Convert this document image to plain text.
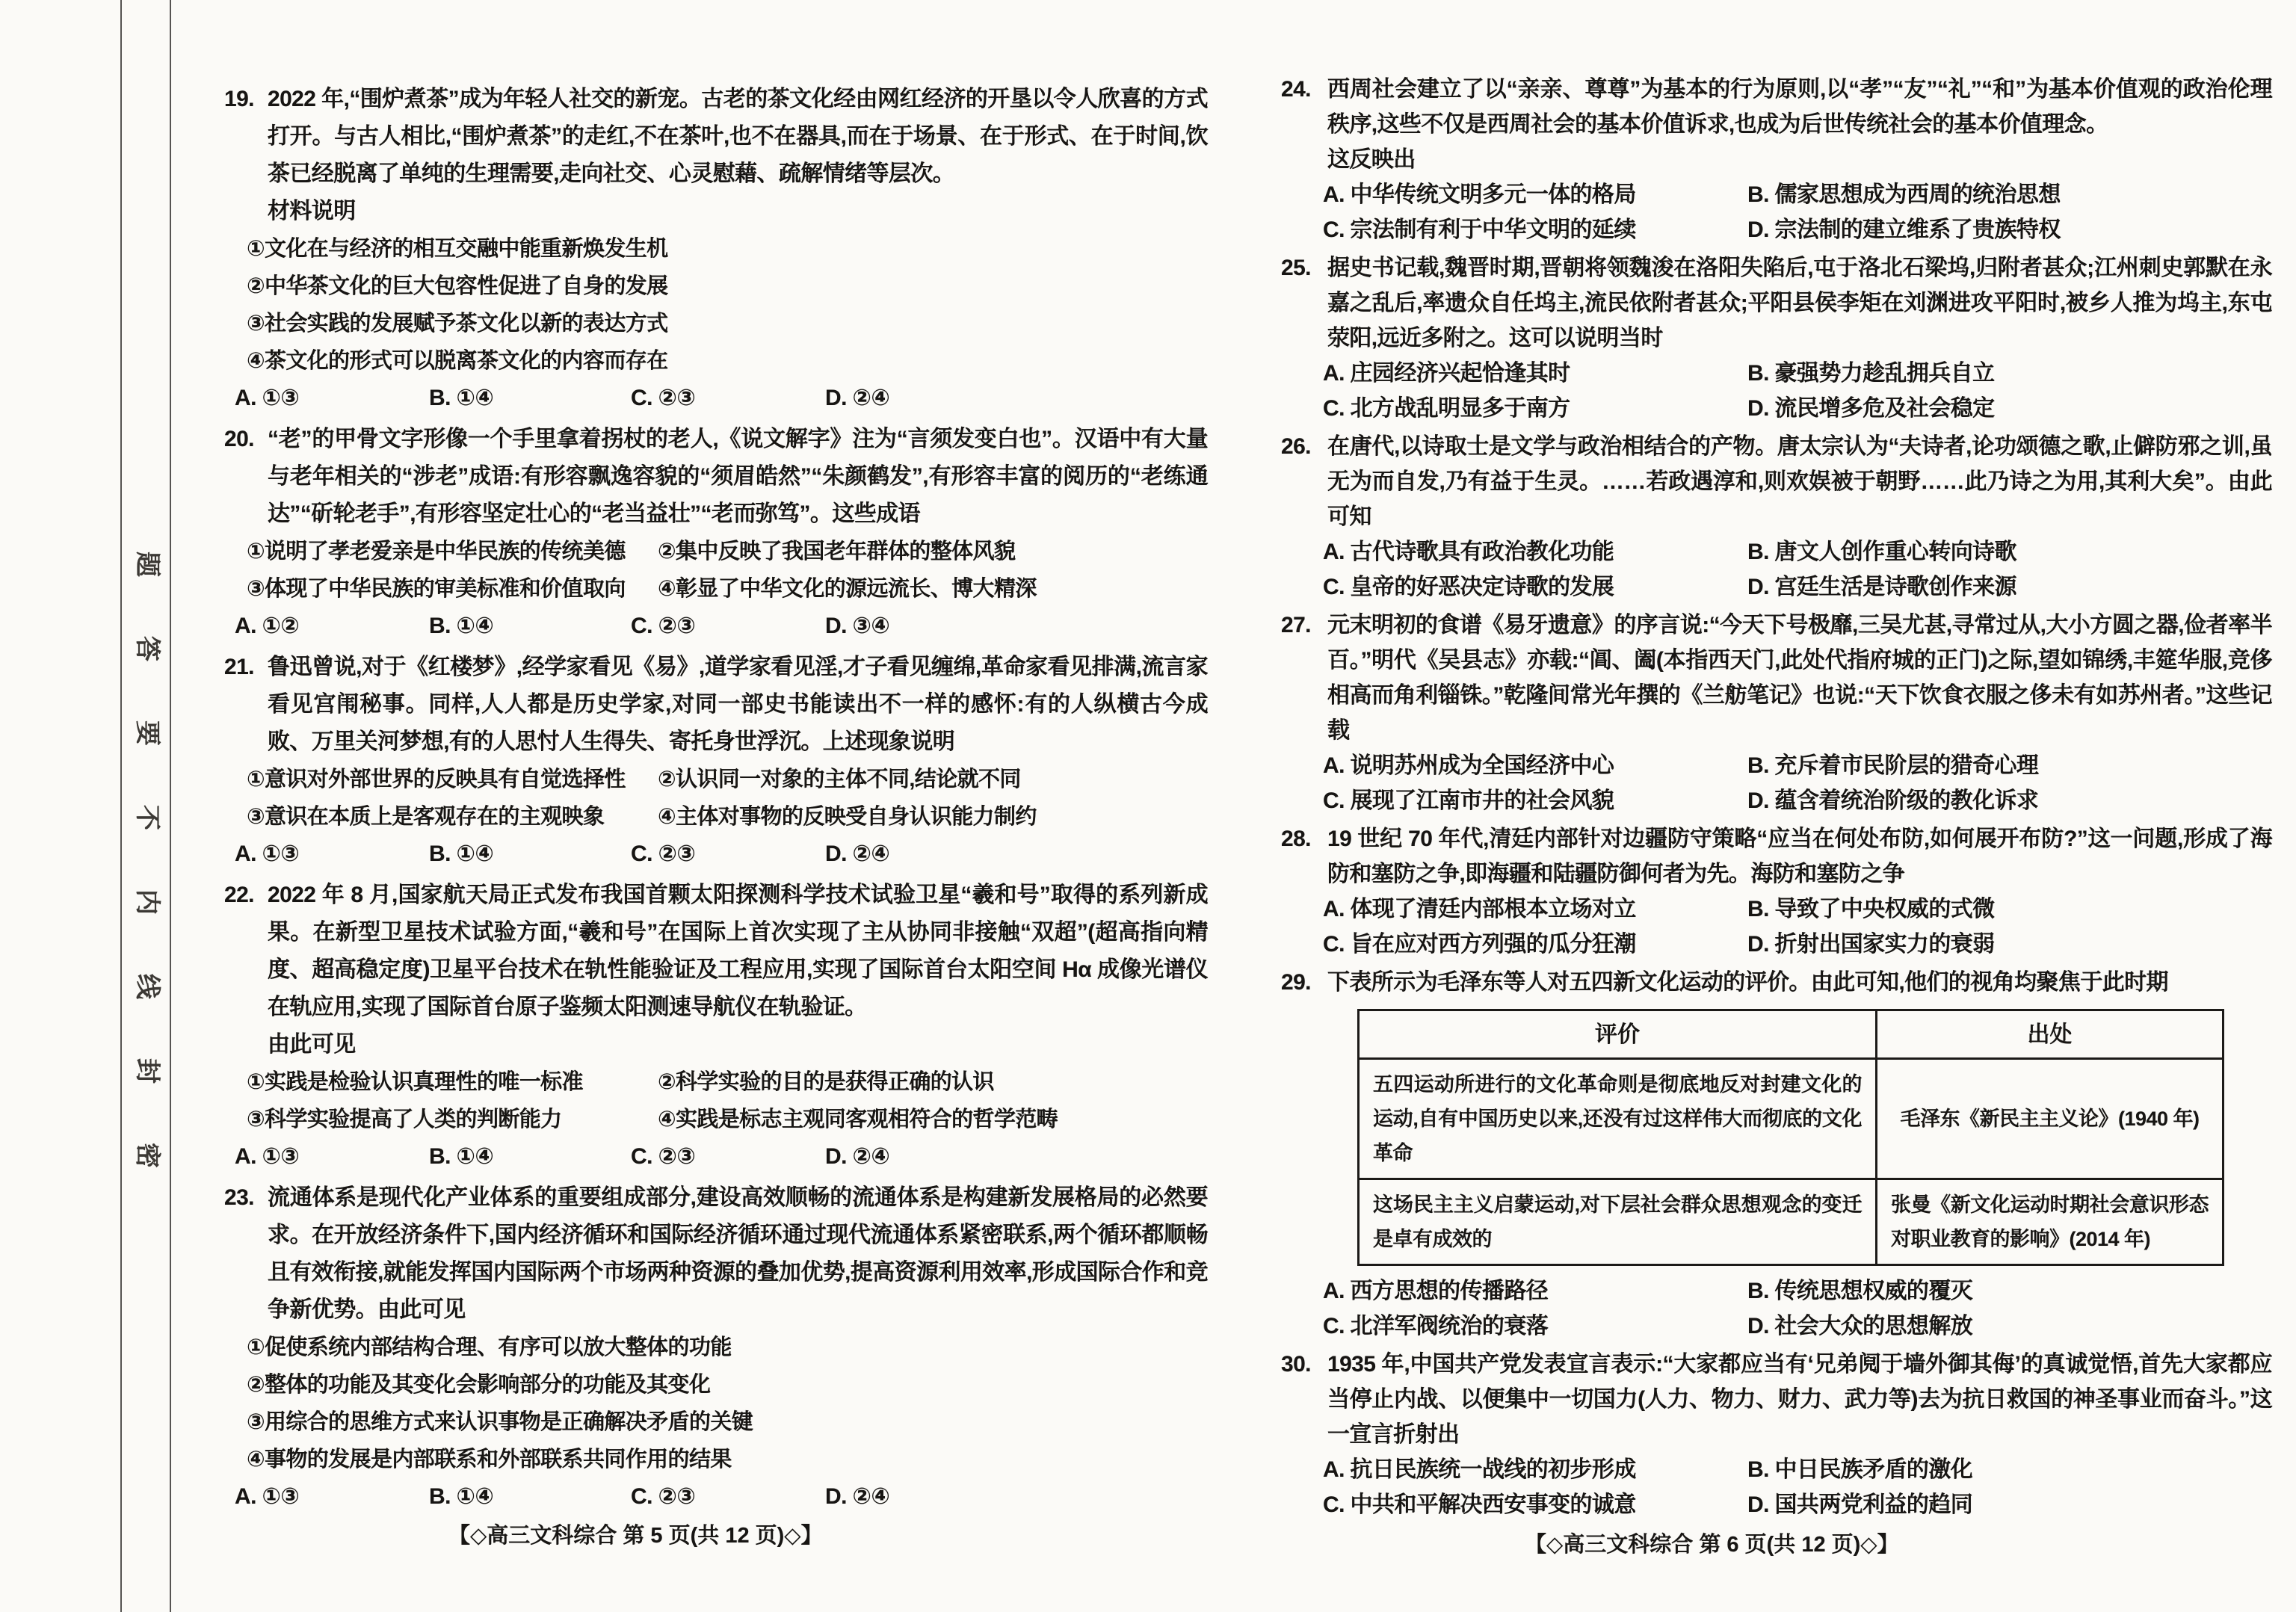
题
答
要
不
内
线
封
密
19. 2022 年,“围炉煮茶”成为年轻人社交的新宠。古老的茶文化经由网红经济的开垦以令人欣喜的方式打开。与古人相比,“围炉煮茶”的走红,不在茶叶,也不在器具,而在于场景、在于形式、在于时间,饮茶已经脱离了单纯的生理需要,走向社交、心灵慰藉、疏解情绪等层次。

材料说明

①文化在与经济的相互交融中能重新焕发生机
②中华茶文化的巨大包容性促进了自身的发展
③社会实践的发展赋予茶文化以新的表达方式
④茶文化的形式可以脱离茶文化的内容而存在
A. ①③	B. ①④	C. ②③	D. ②④
20. “老”的甲骨文字形像一个手里拿着拐杖的老人,《说文解字》注为“言须发变白也”。汉语中有大量与老年相关的“涉老”成语:有形容飘逸容貌的“须眉皓然”“朱颜鹤发”,有形容丰富的阅历的“老练通达”“斫轮老手”,有形容坚定壮心的“老当益壮”“老而弥笃”。这些成语

①说明了孝老爱亲是中华民族的传统美德	②集中反映了我国老年群体的整体风貌
③体现了中华民族的审美标准和价值取向	④彰显了中华文化的源远流长、博大精深
A. ①②	B. ①④	C. ②③	D. ③④
21. 鲁迅曾说,对于《红楼梦》,经学家看见《易》,道学家看见淫,才子看见缠绵,革命家看见排满,流言家看见宫闱秘事。同样,人人都是历史学家,对同一部史书能读出不一样的感怀:有的人纵横古今成败、万里关河梦想,有的人思忖人生得失、寄托身世浮沉。上述现象说明

①意识对外部世界的反映具有自觉选择性	②认识同一对象的主体不同,结论就不同
③意识在本质上是客观存在的主观映象	④主体对事物的反映受自身认识能力制约
A. ①③	B. ①④	C. ②③	D. ②④
22. 2022 年 8 月,国家航天局正式发布我国首颗太阳探测科学技术试验卫星“羲和号”取得的系列新成果。在新型卫星技术试验方面,“羲和号”在国际上首次实现了主从协同非接触“双超”(超高指向精度、超高稳定度)卫星平台技术在轨性能验证及工程应用,实现了国际首台太阳空间 Hα 成像光谱仪在轨应用,实现了国际首台原子鉴频太阳测速导航仪在轨验证。

由此可见

①实践是检验认识真理性的唯一标准	②科学实验的目的是获得正确的认识
③科学实验提高了人类的判断能力	④实践是标志主观同客观相符合的哲学范畴
A. ①③	B. ①④	C. ②③	D. ②④
23. 流通体系是现代化产业体系的重要组成部分,建设高效顺畅的流通体系是构建新发展格局的必然要求。在开放经济条件下,国内经济循环和国际经济循环通过现代流通体系紧密联系,两个循环都顺畅且有效衔接,就能发挥国内国际两个市场两种资源的叠加优势,提高资源利用效率,形成国际合作和竞争新优势。由此可见

①促使系统内部结构合理、有序可以放大整体的功能
②整体的功能及其变化会影响部分的功能及其变化
③用综合的思维方式来认识事物是正确解决矛盾的关键
④事物的发展是内部联系和外部联系共同作用的结果
A. ①③	B. ①④	C. ②③	D. ②④
24. 西周社会建立了以“亲亲、尊尊”为基本的行为原则,以“孝”“友”“礼”“和”为基本价值观的政治伦理秩序,这些不仅是西周社会的基本价值诉求,也成为后世传统社会的基本价值理念。

这反映出

A. 中华传统文明多元一体的格局	B. 儒家思想成为西周的统治思想
C. 宗法制有利于中华文明的延续	D. 宗法制的建立维系了贵族特权
25. 据史书记载,魏晋时期,晋朝将领魏浚在洛阳失陷后,屯于洛北石梁坞,归附者甚众;江州刺史郭默在永嘉之乱后,率遗众自任坞主,流民依附者甚众;平阳县侯李矩在刘渊进攻平阳时,被乡人推为坞主,东屯荥阳,远近多附之。这可以说明当时

A. 庄园经济兴起恰逢其时	B. 豪强势力趁乱拥兵自立
C. 北方战乱明显多于南方	D. 流民增多危及社会稳定
26. 在唐代,以诗取士是文学与政治相结合的产物。唐太宗认为“夫诗者,论功颂德之歌,止僻防邪之训,虽无为而自发,乃有益于生灵。……若政遇淳和,则欢娱被于朝野……此乃诗之为用,其利大矣”。由此可知

A. 古代诗歌具有政治教化功能	B. 唐文人创作重心转向诗歌
C. 皇帝的好恶决定诗歌的发展	D. 宫廷生活是诗歌创作来源
27. 元末明初的食谱《易牙遗意》的序言说:“今天下号极靡,三吴尤甚,寻常过从,大小方圆之器,俭者率半百。”明代《吴县志》亦载:“阊、阖(本指西天门,此处代指府城的正门)之际,望如锦绣,丰筵华服,竞侈相高而角利锱铢。”乾隆间常光年撰的《兰舫笔记》也说:“天下饮食衣服之侈未有如苏州者。”这些记载

A. 说明苏州成为全国经济中心	B. 充斥着市民阶层的猎奇心理
C. 展现了江南市井的社会风貌	D. 蕴含着统治阶级的教化诉求
28. 19 世纪 70 年代,清廷内部针对边疆防守策略“应当在何处布防,如何展开布防?”这一问题,形成了海防和塞防之争,即海疆和陆疆防御何者为先。海防和塞防之争

A. 体现了清廷内部根本立场对立	B. 导致了中央权威的式微
C. 旨在应对西方列强的瓜分狂潮	D. 折射出国家实力的衰弱
29. 下表所示为毛泽东等人对五四新文化运动的评价。由此可知,他们的视角均聚焦于此时期

评价	出处
五四运动所进行的文化革命则是彻底地反对封建文化的运动,自有中国历史以来,还没有过这样伟大而彻底的文化革命	毛泽东《新民主主义论》(1940 年)
这场民主主义启蒙运动,对下层社会群众思想观念的变迁是卓有成效的	张曼《新文化运动时期社会意识形态对职业教育的影响》(2014 年)
A. 西方思想的传播路径	B. 传统思想权威的覆灭
C. 北洋军阀统治的衰落	D. 社会大众的思想解放
30. 1935 年,中国共产党发表宣言表示:“大家都应当有‘兄弟阋于墙外御其侮’的真诚觉悟,首先大家都应当停止内战、以便集中一切国力(人力、物力、财力、武力等)去为抗日救国的神圣事业而奋斗。”这一宣言折射出

A. 抗日民族统一战线的初步形成	B. 中日民族矛盾的激化
C. 中共和平解决西安事变的诚意	D. 国共两党利益的趋同
【◇高三文科综合 第 5 页(共 12 页)◇】	【◇高三文科综合 第 6 页(共 12 页)◇】
